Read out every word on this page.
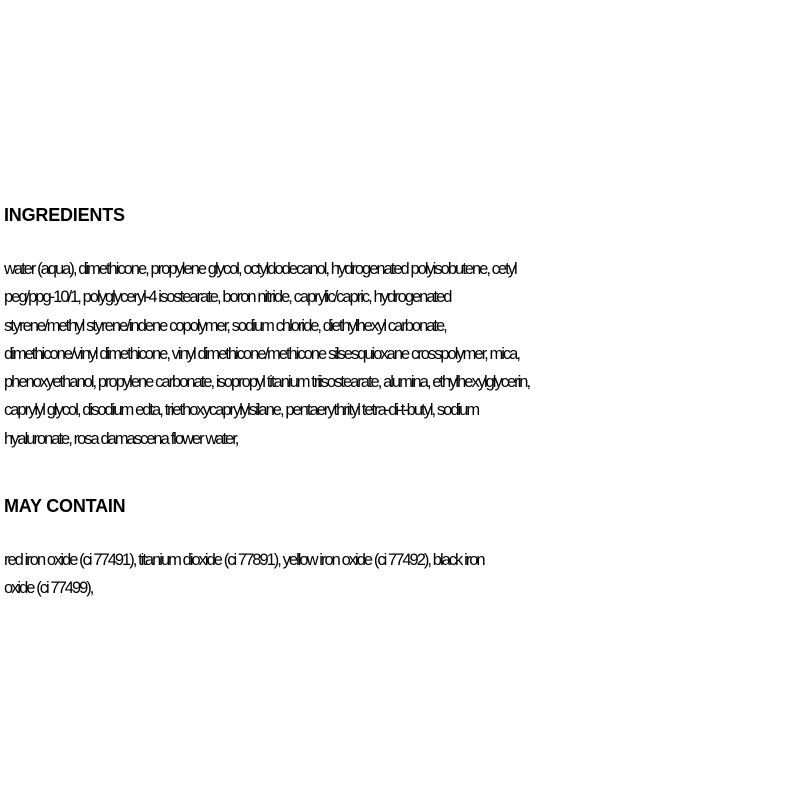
INGREDIENTS

water (aqua), dimethicone, propylene glycol, octyldodecanol, hydrogenated polyisobutene, cetyl
peg/ppg-10/1, polyglyceryl-4 isostearate, boron nitride, caprylic/capric, hydrogenated
styrene/methyl styrene/indene copolymer, sodium chloride, diethylhexyl carbonate,
dimethicone/vinyl dimethicone, vinyl dimethicone/methicone silsesquioxane crosspolymer, mica,
phenoxyethanol, propylene carbonate, isopropyl titanium triisostearate, alumina, ethylhexylglycerin,
caprylyl glycol, disodium edta, triethoxycaprylylsilane, pentaerythrityl tetra-di-t-butyl, sodium
hyaluronate, rosa damascena flower water,

MAY CONTAIN

red iron oxide (ci 77491), titanium dioxide (ci 77891), yellow iron oxide (ci 77492), black iron
oxide (ci 77499),
